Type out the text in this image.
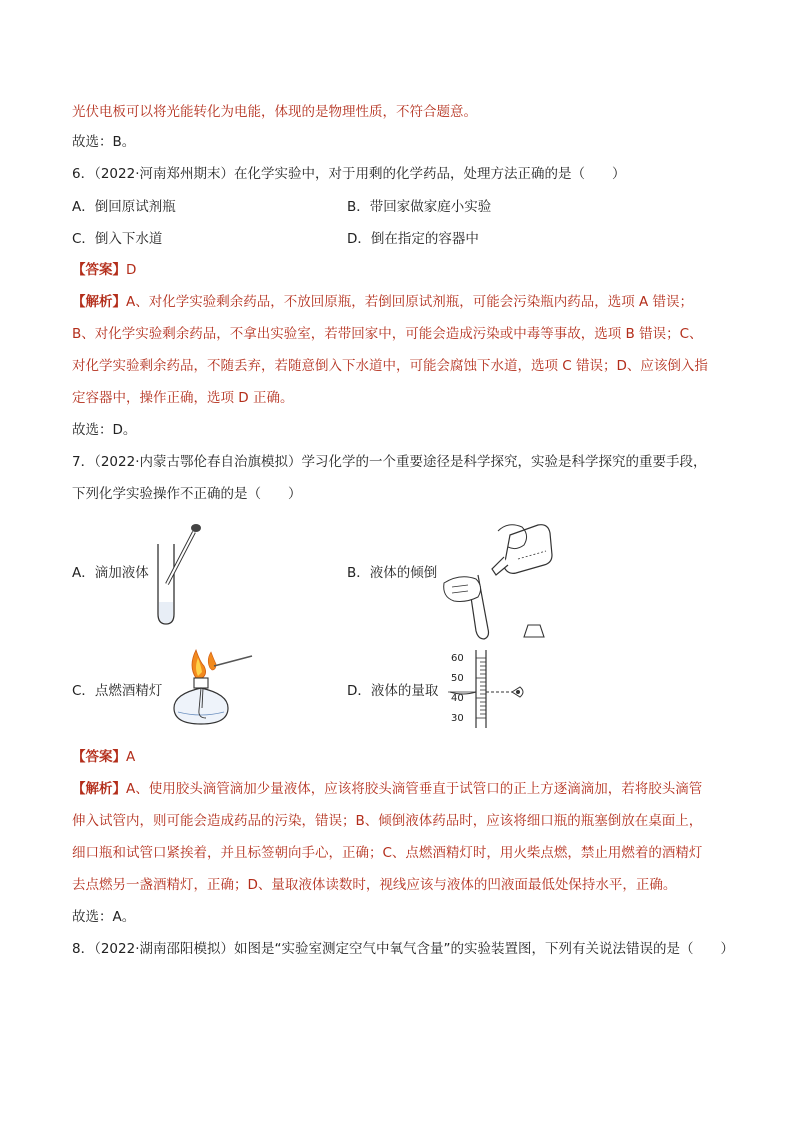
光伏电板可以将光能转化为电能，体现的是物理性质，不符合题意。
故选：B。
6．（2022·河南郑州期末）在化学实验中，对于用剩的化学药品，处理方法正确的是（　　）
A．倒回原试剂瓶	B．带回家做家庭小实验
C．倒入下水道	D．倒在指定的容器中
【答案】D
【解析】A、对化学实验剩余药品，不放回原瓶，若倒回原试剂瓶，可能会污染瓶内药品，选项 A 错误；
B、对化学实验剩余药品，不拿出实验室，若带回家中，可能会造成污染或中毒等事故，选项 B 错误；C、
对化学实验剩余药品，不随丢弃，若随意倒入下水道中，可能会腐蚀下水道，选项 C 错误；D、应该倒入指
定容器中，操作正确，选项 D 正确。
故选：D。
7．（2022·内蒙古鄂伦春自治旗模拟）学习化学的一个重要途径是科学探究，实验是科学探究的重要手段，
下列化学实验操作不正确的是（　　）
A．滴加液体	B．液体的倾倒
C．点燃酒精灯	D．液体的量取
60
50
40
30
【答案】A
【解析】A、使用胶头滴管滴加少量液体，应该将胶头滴管垂直于试管口的正上方逐滴滴加，若将胶头滴管
伸入试管内，则可能会造成药品的污染，错误；B、倾倒液体药品时，应该将细口瓶的瓶塞倒放在桌面上，
细口瓶和试管口紧挨着，并且标签朝向手心，正确；C、点燃酒精灯时，用火柴点燃，禁止用燃着的酒精灯
去点燃另一盏酒精灯，正确；D、量取液体读数时，视线应该与液体的凹液面最低处保持水平，正确。
故选：A。
8．（2022·湖南邵阳模拟）如图是“实验室测定空气中氧气含量”的实验装置图，下列有关说法错误的是（　　）
